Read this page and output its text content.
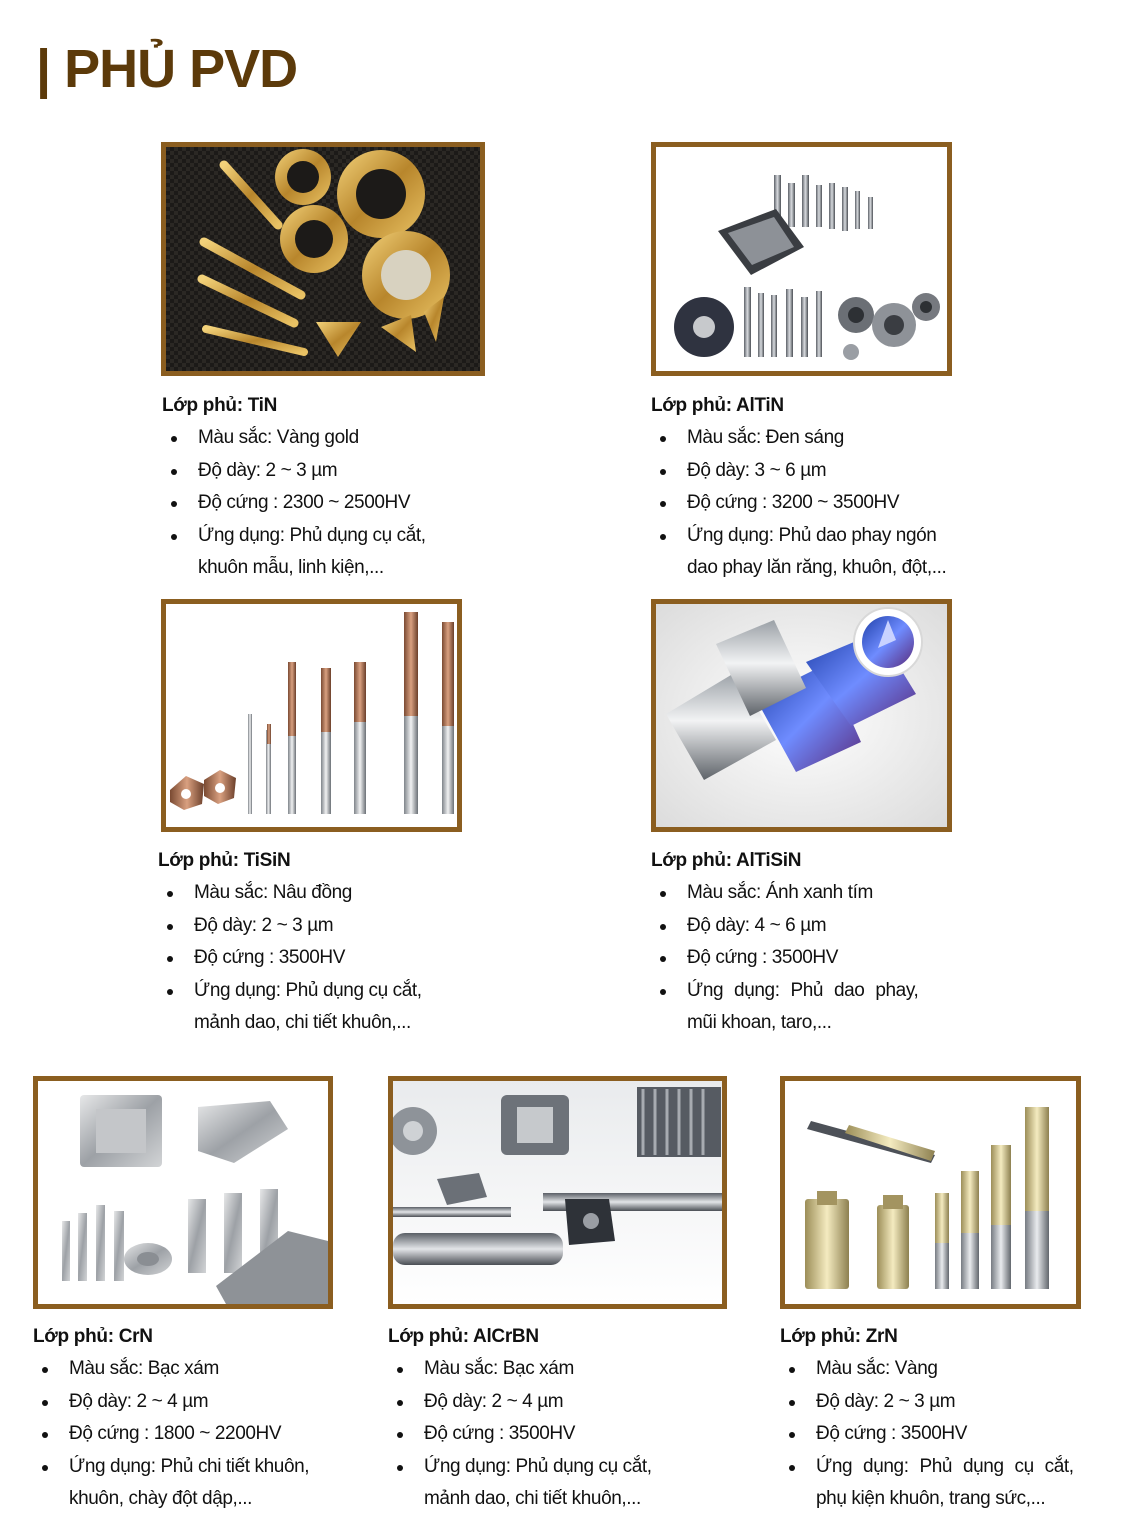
| PHỦ PVD
Lớp phủ: TiN
Màu sắc: Vàng gold
Độ dày: 2 ~ 3 µm
Độ cứng : 2300 ~ 2500HV
Ứng dụng: Phủ dụng cụ cắt,
khuôn mẫu, linh kiện,...
Lớp phủ: AlTiN
Màu sắc: Đen sáng
Độ dày: 3 ~ 6 µm
Độ cứng : 3200 ~ 3500HV
Ứng dụng: Phủ dao phay ngón
dao phay lăn răng, khuôn, đột,...
Lớp phủ: TiSiN
Màu sắc: Nâu đồng
Độ dày: 2 ~ 3 µm
Độ cứng : 3500HV
Ứng dụng: Phủ dụng cụ cắt,
mảnh dao, chi tiết khuôn,...
Lớp phủ: AlTiSiN
Màu sắc: Ánh xanh tím
Độ dày: 4 ~ 6 µm
Độ cứng : 3500HV
Ứng dụng: Phủ dao phay,
mũi khoan, taro,...
Lớp phủ: CrN
Màu sắc: Bạc xám
Độ dày: 2 ~ 4 µm
Độ cứng : 1800 ~ 2200HV
Ứng dụng: Phủ chi tiết khuôn,
khuôn, chày đột dập,...
Lớp phủ: AlCrBN
Màu sắc: Bạc xám
Độ dày: 2 ~ 4 µm
Độ cứng : 3500HV
Ứng dụng: Phủ dụng cụ cắt,
mảnh dao, chi tiết khuôn,...
Lớp phủ: ZrN
Màu sắc: Vàng
Độ dày: 2 ~ 3 µm
Độ cứng : 3500HV
Ứng dụng: Phủ dụng cụ cắt,
phụ kiện khuôn, trang sức,...
